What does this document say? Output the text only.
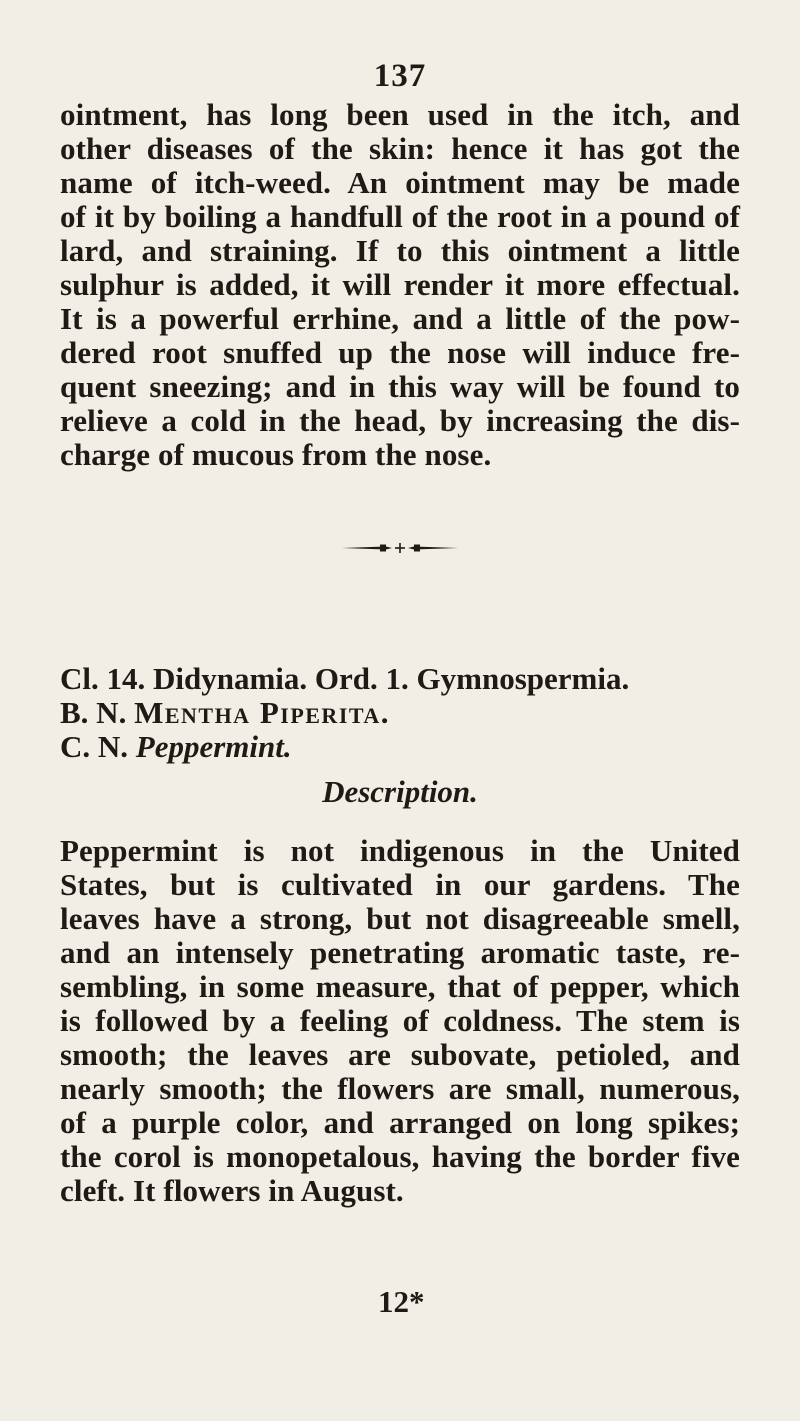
137
ointment, has long been used in the itch, and
other diseases of the skin: hence it has got the
name of itch-weed. An ointment may be made
of it by boiling a handfull of the root in a pound of
lard, and straining. If to this ointment a little
sulphur is added, it will render it more effectual.
It is a powerful errhine, and a little of the pow-
dered root snuffed up the nose will induce fre-
quent sneezing; and in this way will be found to
relieve a cold in the head, by increasing the dis-
charge of mucous from the nose.
Cl. 14. Didynamia. Ord. 1. Gymnospermia.
B. N. Mentha Piperita.
C. N. Peppermint.
Description.
Peppermint is not indigenous in the United
States, but is cultivated in our gardens. The
leaves have a strong, but not disagreeable smell,
and an intensely penetrating aromatic taste, re-
sembling, in some measure, that of pepper, which
is followed by a feeling of coldness. The stem is
smooth; the leaves are subovate, petioled, and
nearly smooth; the flowers are small, numerous,
of a purple color, and arranged on long spikes;
the corol is monopetalous, having the border five
cleft. It flowers in August.
12*
